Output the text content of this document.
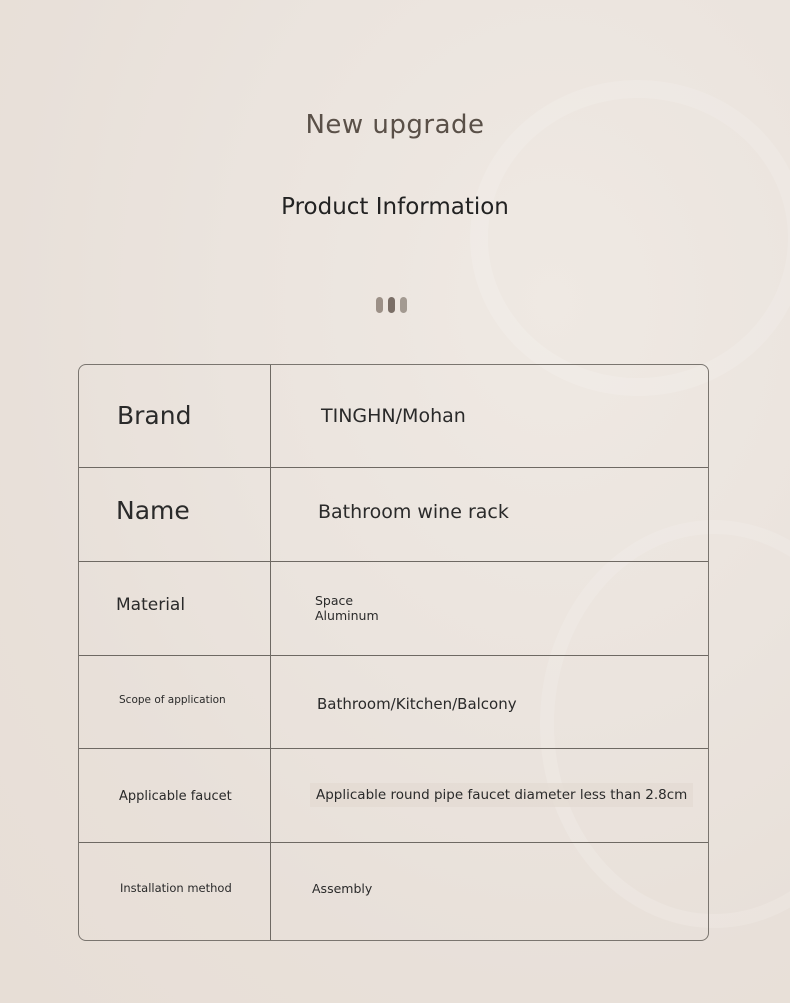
New upgrade
Product Information
Brand	TINGHN/Mohan
Name	Bathroom wine rack
Material	Space
Aluminum
Scope of application	Bathroom/Kitchen/Balcony
Applicable faucet	Applicable round pipe faucet diameter less than 2.8cm
Installation method	Assembly
